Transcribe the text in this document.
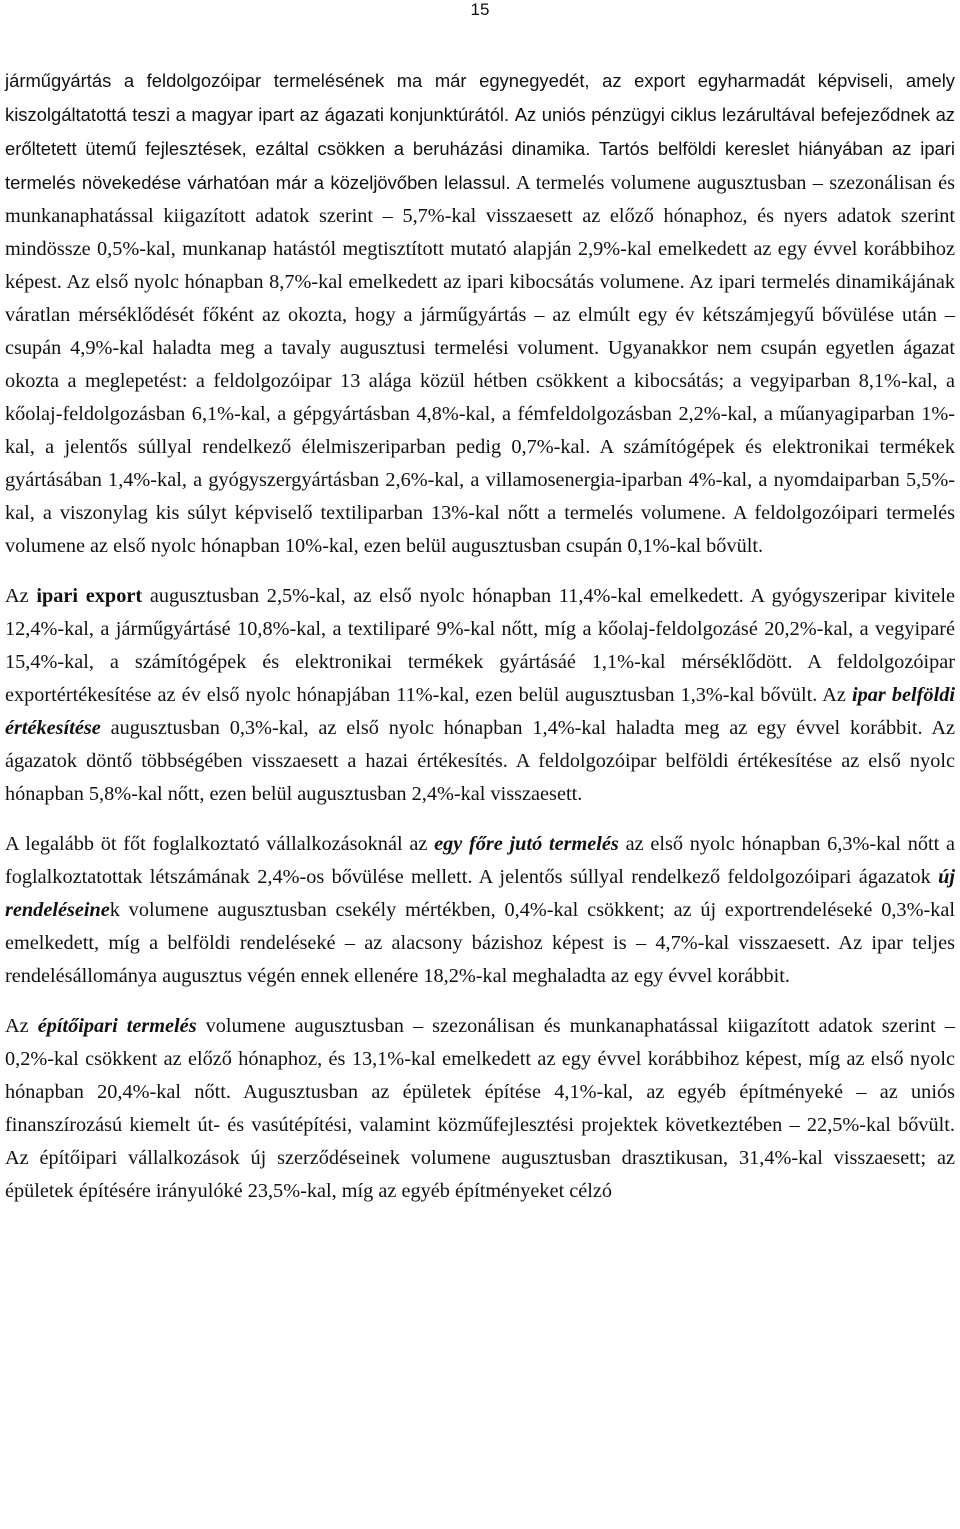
15

járműgyártás a feldolgozóipar termelésének ma már egynegyedét, az export egyharmadát képviseli, amely kiszolgáltatottá teszi a magyar ipart az ágazati konjunktúrától. Az uniós pénzügyi ciklus lezárultával befejeződnek az erőltetett ütemű fejlesztések, ezáltal csökken a beruházási dinamika. Tartós belföldi kereslet hiányában az ipari termelés növekedése várhatóan már a közeljövőben lelassul. A termelés volumene augusztusban – szezonálisan és munkanaphatással kiigazított adatok szerint – 5,7%-kal visszaesett az előző hónaphoz, és nyers adatok szerint mindössze 0,5%-kal, munkanap hatástól megtisztított mutató alapján 2,9%-kal emelkedett az egy évvel korábbihoz képest. Az első nyolc hónapban 8,7%-kal emelkedett az ipari kibocsátás volumene. Az ipari termelés dinamikájának váratlan mérséklődését főként az okozta, hogy a járműgyártás – az elmúlt egy év kétszámjegyű bővülése után – csupán 4,9%-kal haladta meg a tavaly augusztusi termelési volument. Ugyanakkor nem csupán egyetlen ágazat okozta a meglepetést: a feldolgozóipar 13 alága közül hétben csökkent a kibocsátás; a vegyiparban 8,1%-kal, a kőolaj-feldolgozásban 6,1%-kal, a gépgyártásban 4,8%-kal, a fémfeldolgozásban 2,2%-kal, a műanyagiparban 1%-kal, a jelentős súllyal rendelkező élelmiszeriparban pedig 0,7%-kal. A számítógépek és elektronikai termékek gyártásában 1,4%-kal, a gyógyszergyártásban 2,6%-kal, a villamosenergia-iparban 4%-kal, a nyomdaiparban 5,5%-kal, a viszonylag kis súlyt képviselő textiliparban 13%-kal nőtt a termelés volumene. A feldolgozóipari termelés volumene az első nyolc hónapban 10%-kal, ezen belül augusztusban csupán 0,1%-kal bővült.

Az ipari export augusztusban 2,5%-kal, az első nyolc hónapban 11,4%-kal emelkedett. A gyógyszeripar kivitele 12,4%-kal, a járműgyártásé 10,8%-kal, a textiliparé 9%-kal nőtt, míg a kőolaj-feldolgozásé 20,2%-kal, a vegyiparé 15,4%-kal, a számítógépek és elektronikai termékek gyártásáé 1,1%-kal mérséklődött. A feldolgozóipar exportértékesítése az év első nyolc hónapjában 11%-kal, ezen belül augusztusban 1,3%-kal bővült. Az ipar belföldi értékesítése augusztusban 0,3%-kal, az első nyolc hónapban 1,4%-kal haladta meg az egy évvel korábbit. Az ágazatok döntő többségében visszaesett a hazai értékesítés. A feldolgozóipar belföldi értékesítése az első nyolc hónapban 5,8%-kal nőtt, ezen belül augusztusban 2,4%-kal visszaesett.

A legalább öt főt foglalkoztató vállalkozásoknál az egy főre jutó termelés az első nyolc hónapban 6,3%-kal nőtt a foglalkoztatottak létszámának 2,4%-os bővülése mellett. A jelentős súllyal rendelkező feldolgozóipari ágazatok új rendeléseinek volumene augusztusban csekély mértékben, 0,4%-kal csökkent; az új exportrendeléseké 0,3%-kal emelkedett, míg a belföldi rendeléseké – az alacsony bázishoz képest is – 4,7%-kal visszaesett. Az ipar teljes rendelésállománya augusztus végén ennek ellenére 18,2%-kal meghaladta az egy évvel korábbit.

Az építőipari termelés volumene augusztusban – szezonálisan és munkanaphatással kiigazított adatok szerint – 0,2%-kal csökkent az előző hónaphoz, és 13,1%-kal emelkedett az egy évvel korábbihoz képest, míg az első nyolc hónapban 20,4%-kal nőtt. Augusztusban az épületek építése 4,1%-kal, az egyéb építményeké – az uniós finanszírozású kiemelt út- és vasútépítési, valamint közműfejlesztési projektek következtében – 22,5%-kal bővült. Az építőipari vállalkozások új szerződéseinek volumene augusztusban drasztikusan, 31,4%-kal visszaesett; az épületek építésére irányulóké 23,5%-kal, míg az egyéb építményeket célzó
